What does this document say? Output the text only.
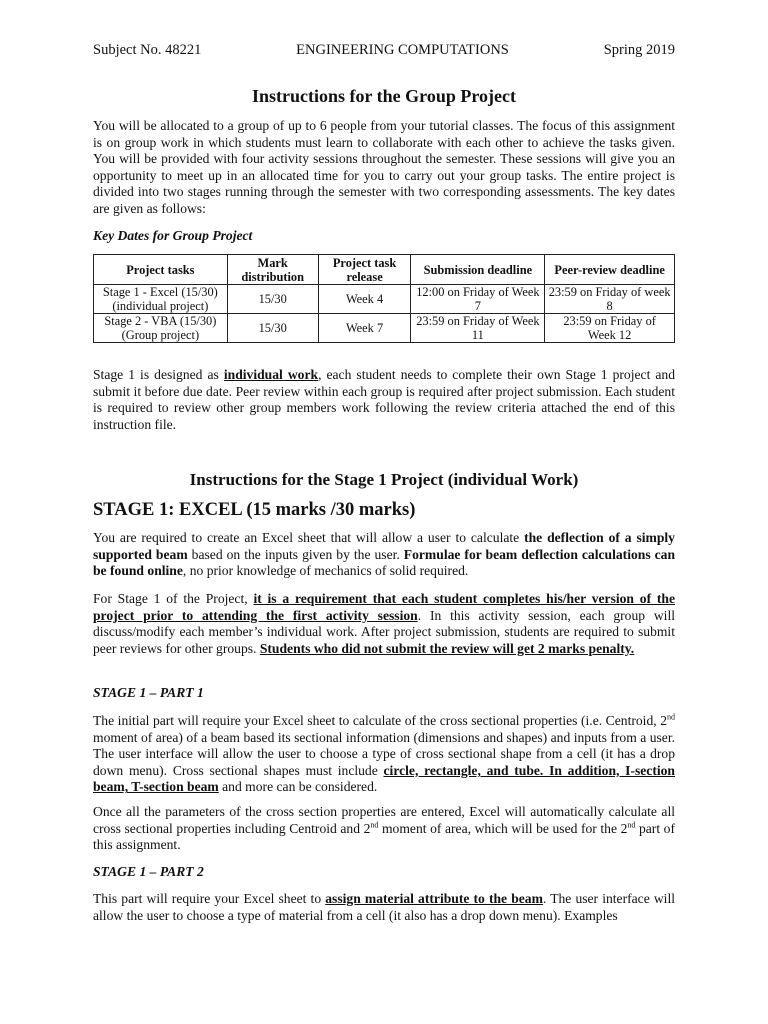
Subject No. 48221	ENGINEERING COMPUTATIONS	Spring 2019
Instructions for the Group Project

You will be allocated to a group of up to 6 people from your tutorial classes. The focus of this assignment is on group work in which students must learn to collaborate with each other to achieve the tasks given. You will be provided with four activity sessions throughout the semester. These sessions will give you an opportunity to meet up in an allocated time for you to carry out your group tasks. The entire project is divided into two stages running through the semester with two corresponding assessments. The key dates are given as follows:

Key Dates for Group Project
Project tasks	Mark distribution	Project task release	Submission deadline	Peer-review deadline
Stage 1 - Excel (15/30) (individual project)	15/30	Week 4	12:00 on Friday of Week 7	23:59 on Friday of week 8
Stage 2 - VBA (15/30) (Group project)	15/30	Week 7	23:59 on Friday of Week 11	23:59 on Friday of Week 12

Stage 1 is designed as individual work, each student needs to complete their own Stage 1 project and submit it before due date. Peer review within each group is required after project submission. Each student is required to review other group members work following the review criteria attached the end of this instruction file.

Instructions for the Stage 1 Project (individual Work)
STAGE 1: EXCEL (15 marks /30 marks)

You are required to create an Excel sheet that will allow a user to calculate the deflection of a simply supported beam based on the inputs given by the user. Formulae for beam deflection calculations can be found online, no prior knowledge of mechanics of solid required.

For Stage 1 of the Project, it is a requirement that each student completes his/her version of the project prior to attending the first activity session. In this activity session, each group will discuss/modify each member’s individual work. After project submission, students are required to submit peer reviews for other groups. Students who did not submit the review will get 2 marks penalty.

STAGE 1 – PART 1

The initial part will require your Excel sheet to calculate of the cross sectional properties (i.e. Centroid, 2nd moment of area) of a beam based its sectional information (dimensions and shapes) and inputs from a user. The user interface will allow the user to choose a type of cross sectional shape from a cell (it has a drop down menu). Cross sectional shapes must include circle, rectangle, and tube. In addition, I-section beam, T-section beam and more can be considered.

Once all the parameters of the cross section properties are entered, Excel will automatically calculate all cross sectional properties including Centroid and 2nd moment of area, which will be used for the 2nd part of this assignment.

STAGE 1 – PART 2

This part will require your Excel sheet to assign material attribute to the beam. The user interface will allow the user to choose a type of material from a cell (it also has a drop down menu). Examples
